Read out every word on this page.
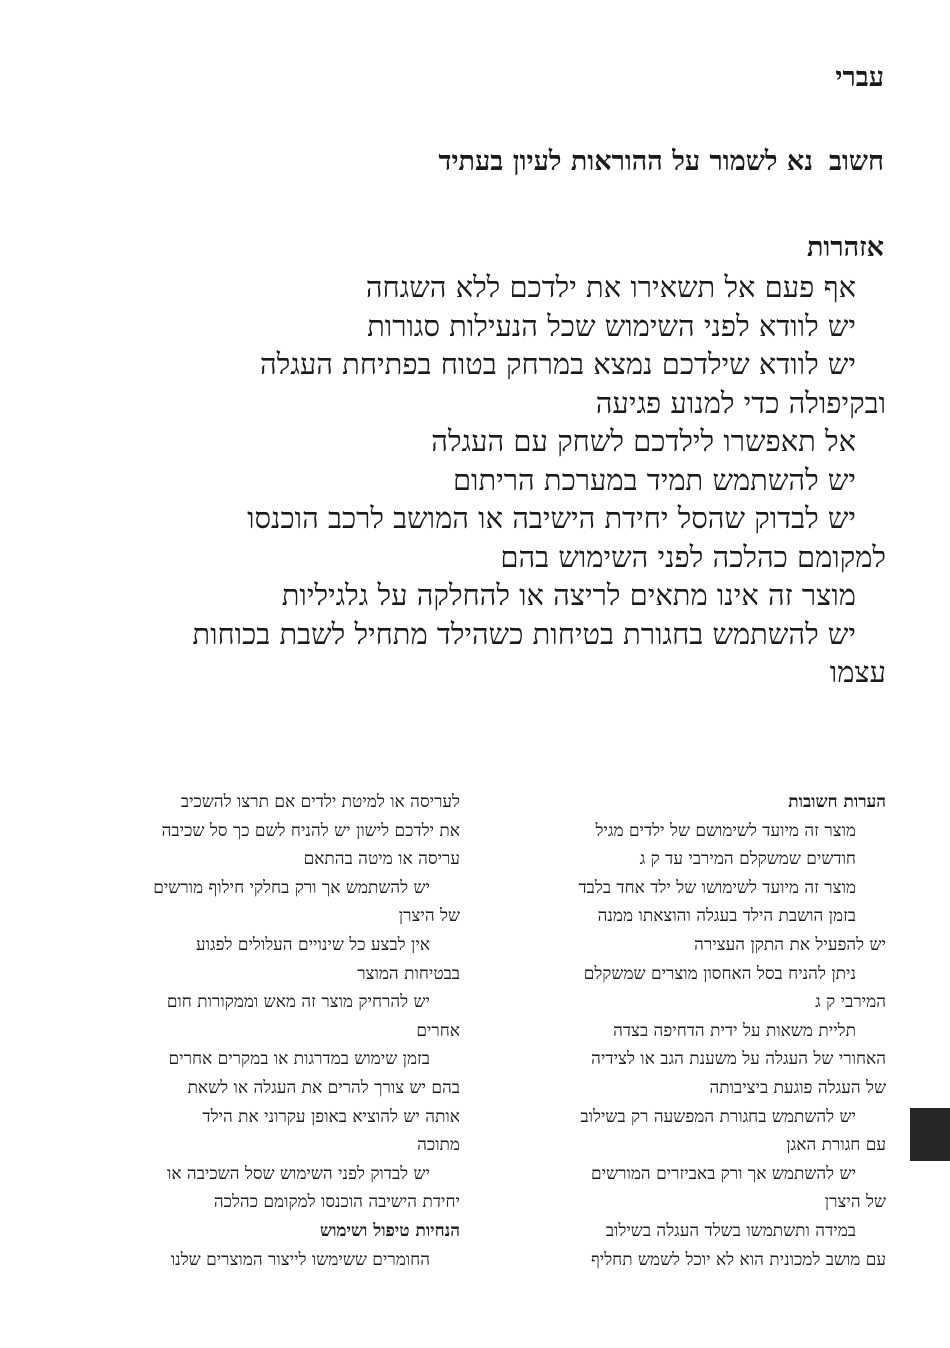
עברי
חשובנא לשמור על ההוראות לעיון בעתיד
אזהרות
אף פעם אל תשאירו את ילדכם ללא השגחה
יש לוודא לפני השימוש שכל הנעילות סגורות
יש לוודא שילדכם נמצא במרחק בטוח בפתיחת העגלה
ובקיפולה כדי למנוע פגיעה
אל תאפשרו לילדכם לשחק עם העגלה
יש להשתמש תמיד במערכת הריתום
יש לבדוק שהסל יחידת הישיבה או המושב לרכב הוכנסו
למקומם כהלכה לפני השימוש בהם
מוצר זה אינו מתאים לריצה או להחלקה על גלגיליות
יש להשתמש בחגורת בטיחות כשהילד מתחיל לשבת בכוחות
עצמו
הערות חשובות
מוצר זה מיועד לשימושם של ילדים מגיל
חודשים שמשקלם המירבי עד ק ג
מוצר זה מיועד לשימושו של ילד אחד בלבד
בזמן הושבת הילד בעגלה והוצאתו ממנה
יש להפעיל את התקן העצירה
ניתן להניח בסל האחסון מוצרים שמשקלם
המירבי ק ג
תליית משאות על ידית הדחיפה בצדה
האחורי של העגלה על משענת הגב או לצידיה
של העגלה פוגעת ביציבותה
יש להשתמש בחגורת המפשעה רק בשילוב
עם חגורת האגן
יש להשתמש אך ורק באביזרים המורשים
של היצרן
במידה ותשתמשו בשלד העגלה בשילוב
עם מושב למכונית הוא לא יוכל לשמש תחליף
לעריסה או למיטת ילדים אם תרצו להשכיב
את ילדכם לישון יש להניח לשם כך סל שכיבה
עריסה או מיטה בהתאם
יש להשתמש אך ורק בחלקי חילוף מורשים
של היצרן
אין לבצע כל שינויים העלולים לפגוע
בבטיחות המוצר
יש להרחיק מוצר זה מאש וממקורות חום
אחרים
בזמן שימוש במדרגות או במקרים אחרים
בהם יש צורך להרים את העגלה או לשאת
אותה יש להוציא באופן עקרוני את הילד
מתוכה
יש לבדוק לפני השימוש שסל השכיבה או
יחידת הישיבה הוכנסו למקומם כהלכה
הנחיות טיפול ושימוש
החומרים ששימשו לייצור המוצרים שלנו
